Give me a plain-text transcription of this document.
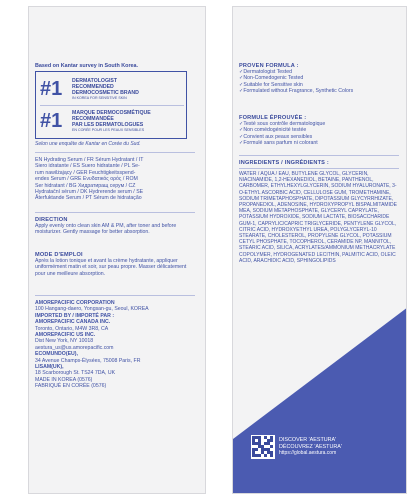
Based on Kantar survey in South Korea.
#1	DERMATOLOGIST
RECOMMENDED
DERMOCOSMETIC BRAND
IN KOREA FOR SENSITIVE SKIN
#1	MARQUE DERMOCOSMÉTIQUE
RECOMMANDÉE
PAR LES DERMATOLOGUES
EN CORÉE POUR LES PEAUX SENSIBLES
Selon une enquête de Kantar en Corée du Sud.
EN Hydrating Serum / FR Sérum Hydratant / IT
Siero idratante / ES Suero hidratante / PL Se-
rum nawilżający / GER Feuchtigkeitsspend-
endes Serum / GRE Ενυδατικός ορός / ROM
Ser hidratant / BG Хидратиращ серум / CZ
Hydratační sérum / DK Hydrerende serum / SE
Återfuktande Serum / PT Sérum de hidratação
DIRECTION
Apply evenly onto clean skin AM & PM, after toner and before moisturizer. Gently massage for better absorption.
MODE D'EMPLOI
Après la lotion tonique et avant la crème hydratante, appliquer uniformément matin et soir, sur peau propre. Masser délicatement pour une meilleure absorption.
AMOREPACIFIC CORPORATION
100 Hangang-daero, Yongsan-gu, Seoul, KOREA
IMPORTED BY / IMPORTÉ PAR :
AMOREPACIFIC CANADA INC.
Toronto, Ontario, M4W 3R8, CA
AMOREPACIFIC US INC.
Dist New York, NY 10018
aestura_us@us.amorepacific.com
ECOMUNDO(EU),
34 Avenue Champs-Élysées, 75008 Paris, FR
LISAM(UK),
18 Scarborough St. TS24 7DA, UK
MADE IN KOREA (0576)
FABRIQUÉ EN CORÉE (0576)
PROVEN FORMULA :
✓ Dermatologist Tested
✓ Non-Comedogenic Tested
✓ Suitable for Sensitive skin
✓ Formulated without Fragrance, Synthetic Colors
FORMULE ÉPROUVÉE :
✓ Testé sous contrôle dermatologique
✓ Non comédogénicité testée
✓ Convient aux peaux sensibles
✓ Formulé sans parfum ni colorant
INGREDIENTS / INGRÉDIENTS :
WATER / AQUA / EAU, BUTYLENE GLYCOL, GLYCERIN, NIACINAMIDE, 1,2-HEXANEDIOL, BETAINE, PANTHENOL, CARBOMER, ETHYLHEXYLGLYCERIN, SODIUM HYALURONATE, 3-O-ETHYL ASCORBIC ACID, CELLULOSE GUM, TROMETHAMINE, SODIUM TRIMETAPHOSPHATE, DIPOTASSIUM GLYCYRRHIZATE, PROPANEDIOL, ADENOSINE, HYDROXYPROPYL BISPALMITAMIDE MEA, SODIUM METAPHOSPHATE, GLYCERYL CAPRYLATE, POTASSIUM HYDROXIDE, SODIUM LACTATE, BIOSACCHARIDE GUM-1, CAPRYLIC/CAPRIC TRIGLYCERIDE, PENTYLENE GLYCOL, CITRIC ACID, HYDROXYETHYL UREA, POLYGLYCERYL-10 STEARATE, CHOLESTEROL, PROPYLENE GLYCOL, POTASSIUM CETYL PHOSPHATE, TOCOPHEROL, CERAMIDE NP, MANNITOL, STEARIC ACID, SILICA, ACRYLATES/AMMONIUM METHACRYLATE COPOLYMER, HYDROGENATED LECITHIN, PALMITIC ACID, OLEIC ACID, ARACHIDIC ACID, SPHINGOLIPIDS
DISCOVER 'AESTURA'
DÉCOUVREZ 'AESTURA'
https://global.aestura.com
